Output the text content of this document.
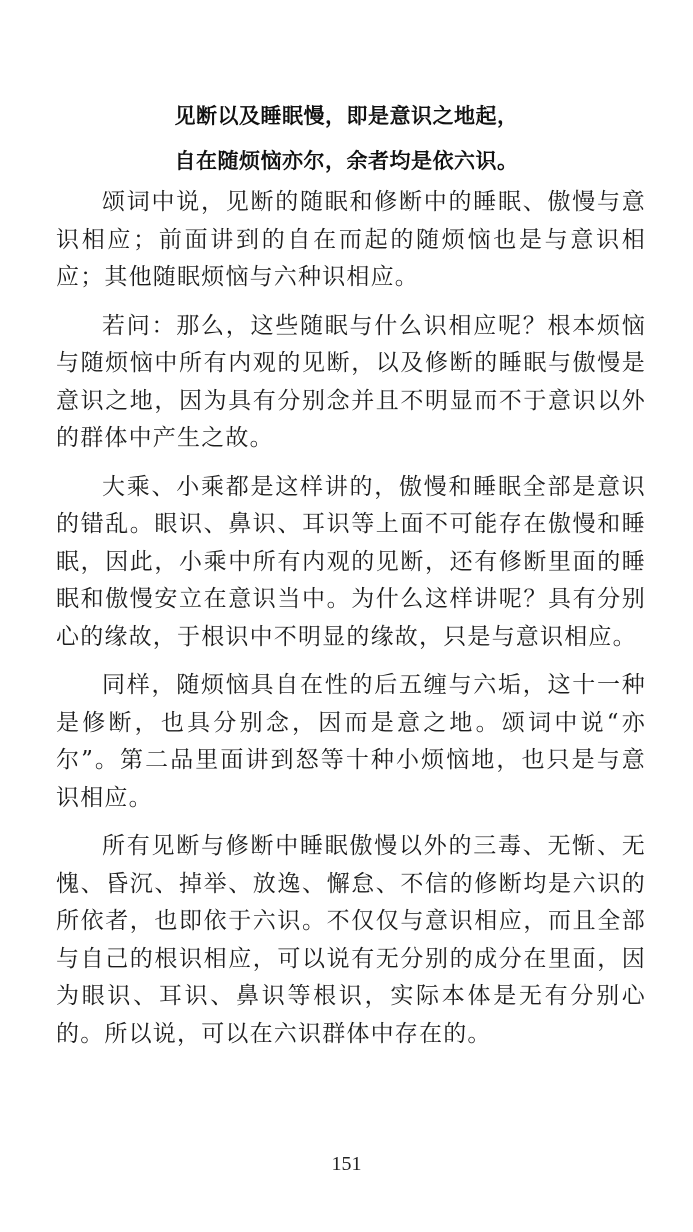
见断以及睡眠慢，即是意识之地起，
自在随烦恼亦尔，余者均是依六识。

颂词中说，见断的随眠和修断中的睡眠、傲慢与意识相应；前面讲到的自在而起的随烦恼也是与意识相应；其他随眠烦恼与六种识相应。

若问：那么，这些随眠与什么识相应呢？根本烦恼与随烦恼中所有内观的见断，以及修断的睡眠与傲慢是意识之地，因为具有分别念并且不明显而不于意识以外的群体中产生之故。

大乘、小乘都是这样讲的，傲慢和睡眠全部是意识的错乱。眼识、鼻识、耳识等上面不可能存在傲慢和睡眠，因此，小乘中所有内观的见断，还有修断里面的睡眠和傲慢安立在意识当中。为什么这样讲呢？具有分别心的缘故，于根识中不明显的缘故，只是与意识相应。

同样，随烦恼具自在性的后五缠与六垢，这十一种是修断，也具分别念，因而是意之地。颂词中说“亦尔”。第二品里面讲到怒等十种小烦恼地，也只是与意识相应。

所有见断与修断中睡眠傲慢以外的三毒、无惭、无愧、昏沉、掉举、放逸、懈怠、不信的修断均是六识的所依者，也即依于六识。不仅仅与意识相应，而且全部与自己的根识相应，可以说有无分别的成分在里面，因为眼识、耳识、鼻识等根识，实际本体是无有分别心的。所以说，可以在六识群体中存在的。

151
